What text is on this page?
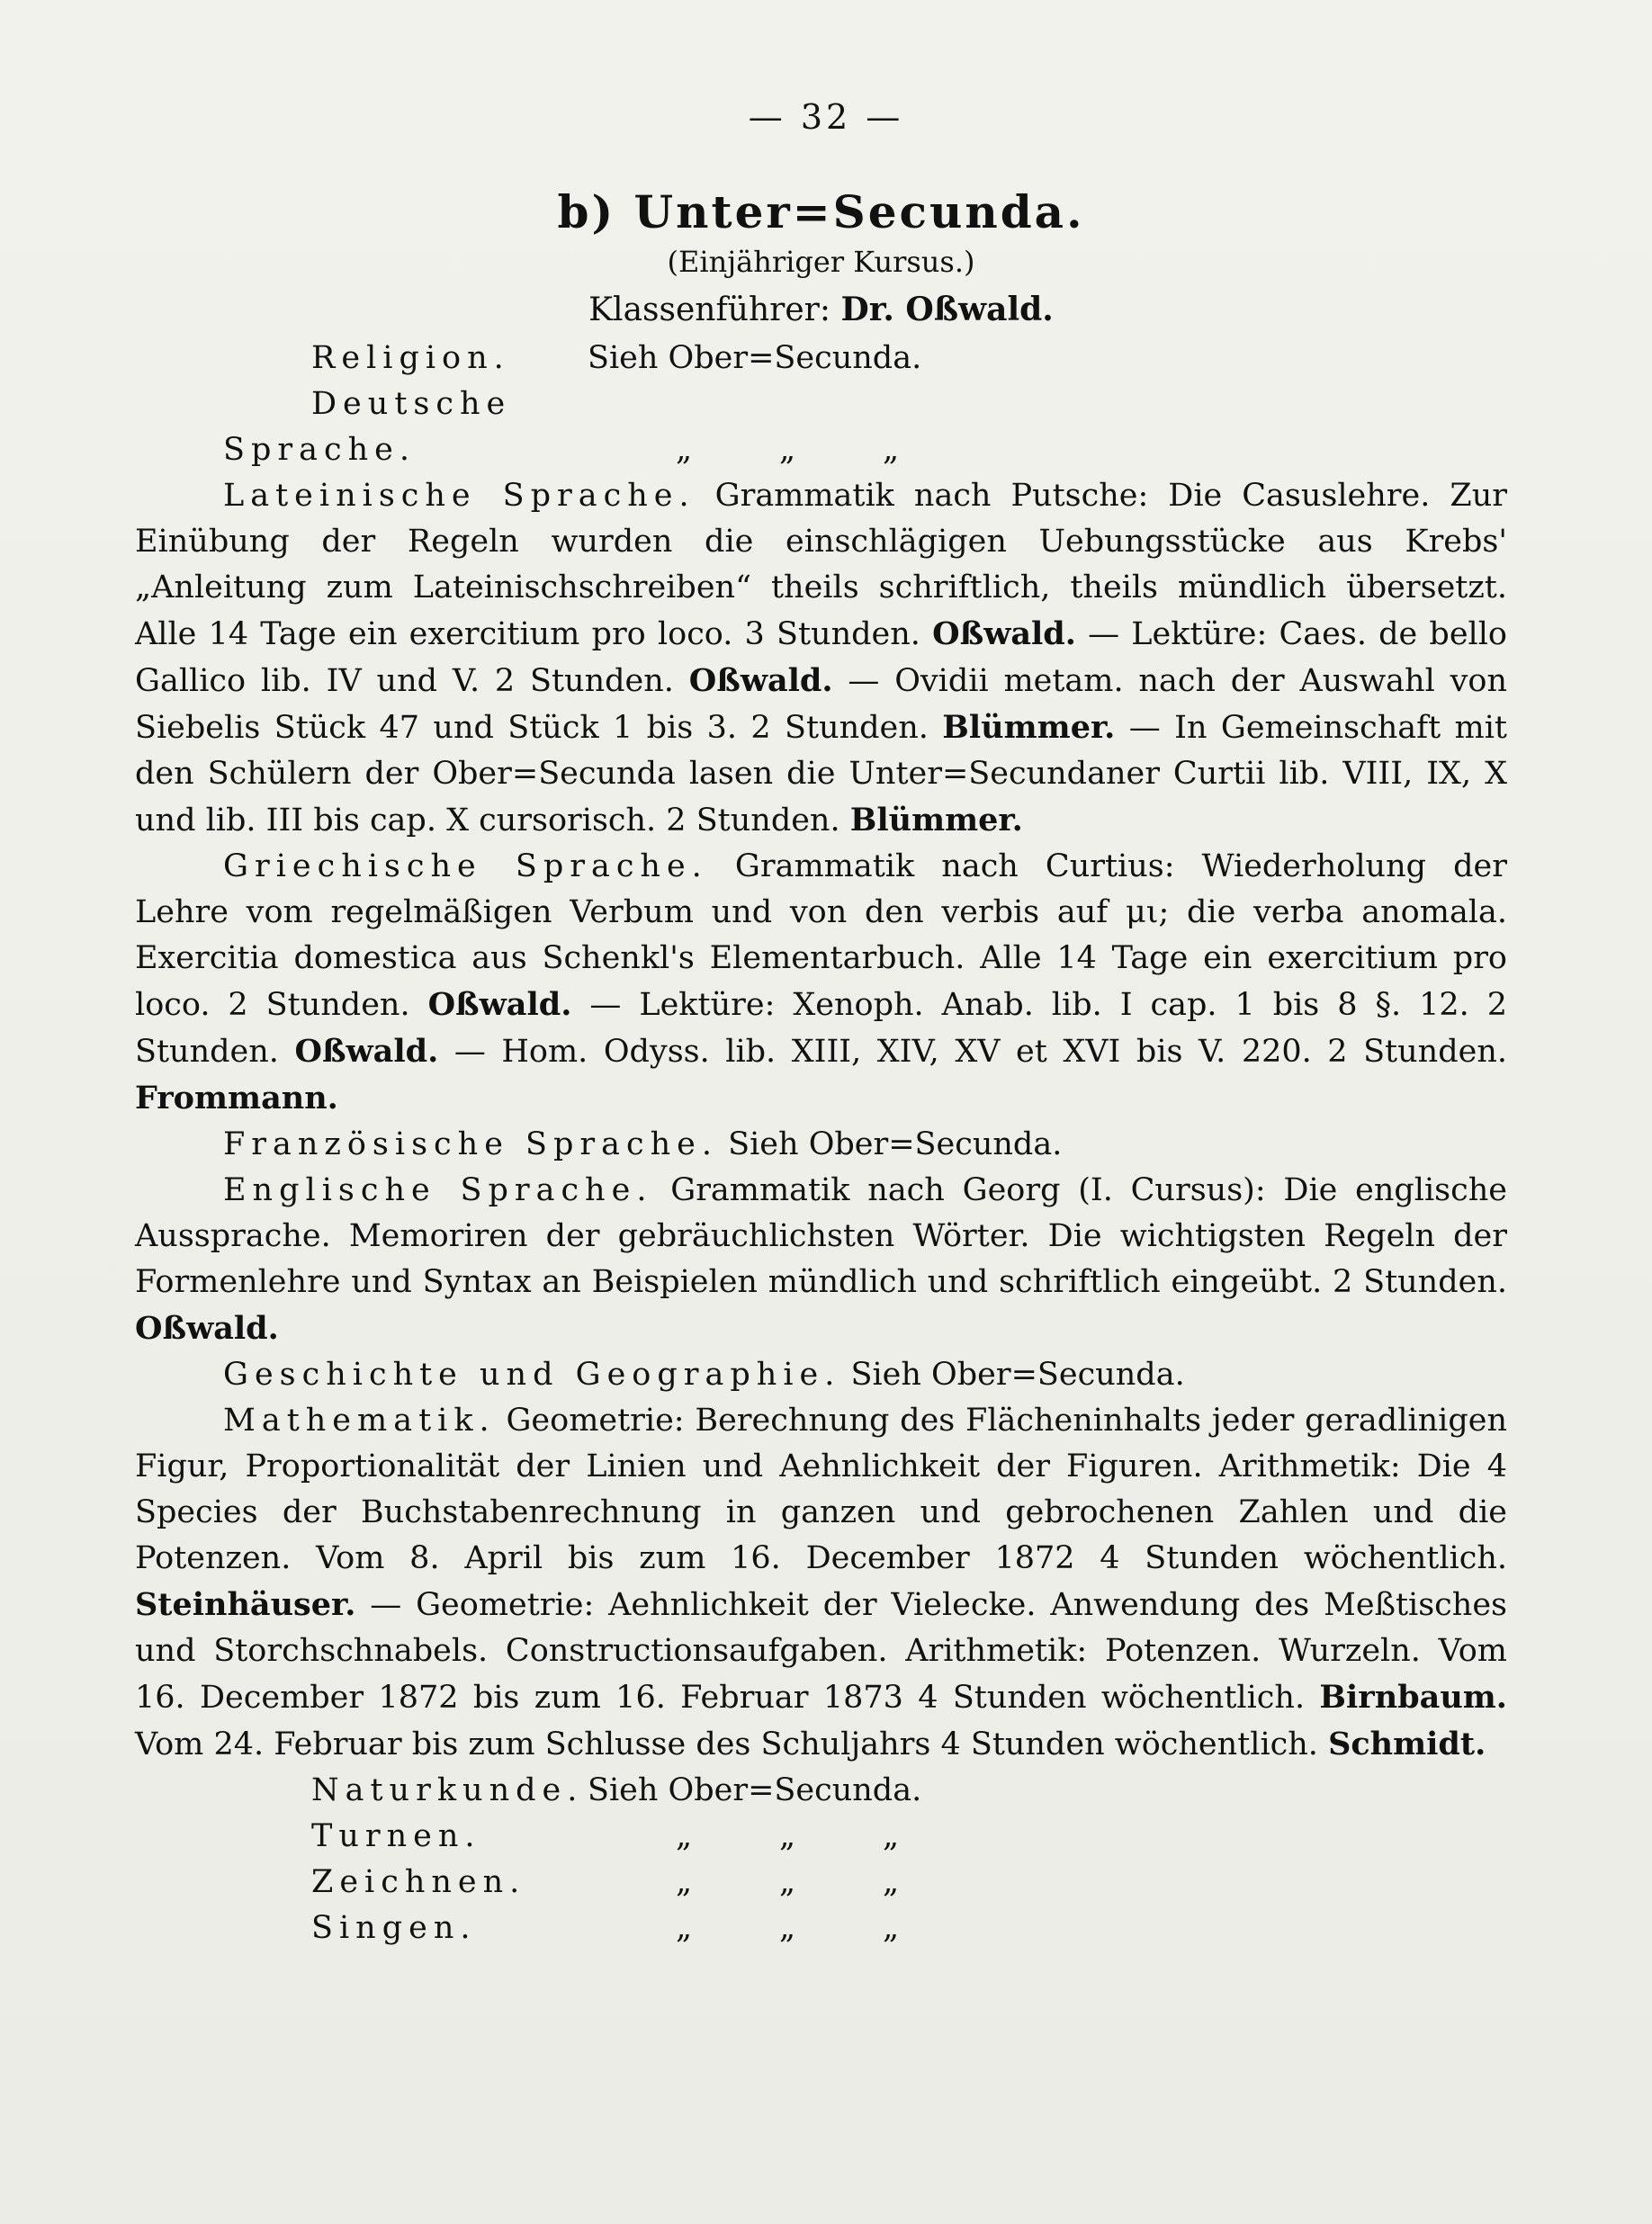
— 32 —

b) Unter=Secunda.

(Einjähriger Kursus.)

Klassenführer: Dr. Oßwald.

Religion. Sieh Ober=Secunda.

Deutsche Sprache.	„	„	„

Lateinische Sprache. Grammatik nach Putsche: Die Casuslehre. Zur Einübung der Regeln wurden die einschlägigen Uebungsstücke aus Krebs' „Anleitung zum Lateinischschreiben“ theils schriftlich, theils mündlich übersetzt. Alle 14 Tage ein exercitium pro loco. 3 Stunden. Oßwald. — Lektüre: Caes. de bello Gallico lib. IV und V. 2 Stunden. Oßwald. — Ovidii metam. nach der Auswahl von Siebelis Stück 47 und Stück 1 bis 3. 2 Stunden. Blümmer. — In Gemeinschaft mit den Schülern der Ober=Secunda lasen die Unter=Secundaner Curtii lib. VIII, IX, X und lib. III bis cap. X cursorisch. 2 Stunden. Blümmer.

Griechische Sprache. Grammatik nach Curtius: Wiederholung der Lehre vom regelmäßigen Verbum und von den verbis auf μι; die verba anomala. Exercitia domestica aus Schenkl's Elementarbuch. Alle 14 Tage ein exercitium pro loco. 2 Stunden. Oßwald. — Lektüre: Xenoph. Anab. lib. I cap. 1 bis 8 §. 12. 2 Stunden. Oßwald. — Hom. Odyss. lib. XIII, XIV, XV et XVI bis V. 220. 2 Stunden. Frommann.

Französische Sprache. Sieh Ober=Secunda.

Englische Sprache. Grammatik nach Georg (I. Cursus): Die englische Aussprache. Memoriren der gebräuchlichsten Wörter. Die wichtigsten Regeln der Formenlehre und Syntax an Beispielen mündlich und schriftlich eingeübt. 2 Stunden. Oßwald.

Geschichte und Geographie. Sieh Ober=Secunda.

Mathematik. Geometrie: Berechnung des Flächeninhalts jeder geradlinigen Figur, Proportionalität der Linien und Aehnlichkeit der Figuren. Arithmetik: Die 4 Species der Buchstabenrechnung in ganzen und gebrochenen Zahlen und die Potenzen. Vom 8. April bis zum 16. December 1872 4 Stunden wöchentlich. Steinhäuser. — Geometrie: Aehnlichkeit der Vielecke. Anwendung des Meßtisches und Storchschnabels. Constructionsaufgaben. Arithmetik: Potenzen. Wurzeln. Vom 16. December 1872 bis zum 16. Februar 1873 4 Stunden wöchentlich. Birnbaum. Vom 24. Februar bis zum Schlusse des Schuljahrs 4 Stunden wöchentlich. Schmidt.

Naturkunde. Sieh Ober=Secunda.

Turnen.	„	„	„

Zeichnen.	„	„	„

Singen.	„	„	„
